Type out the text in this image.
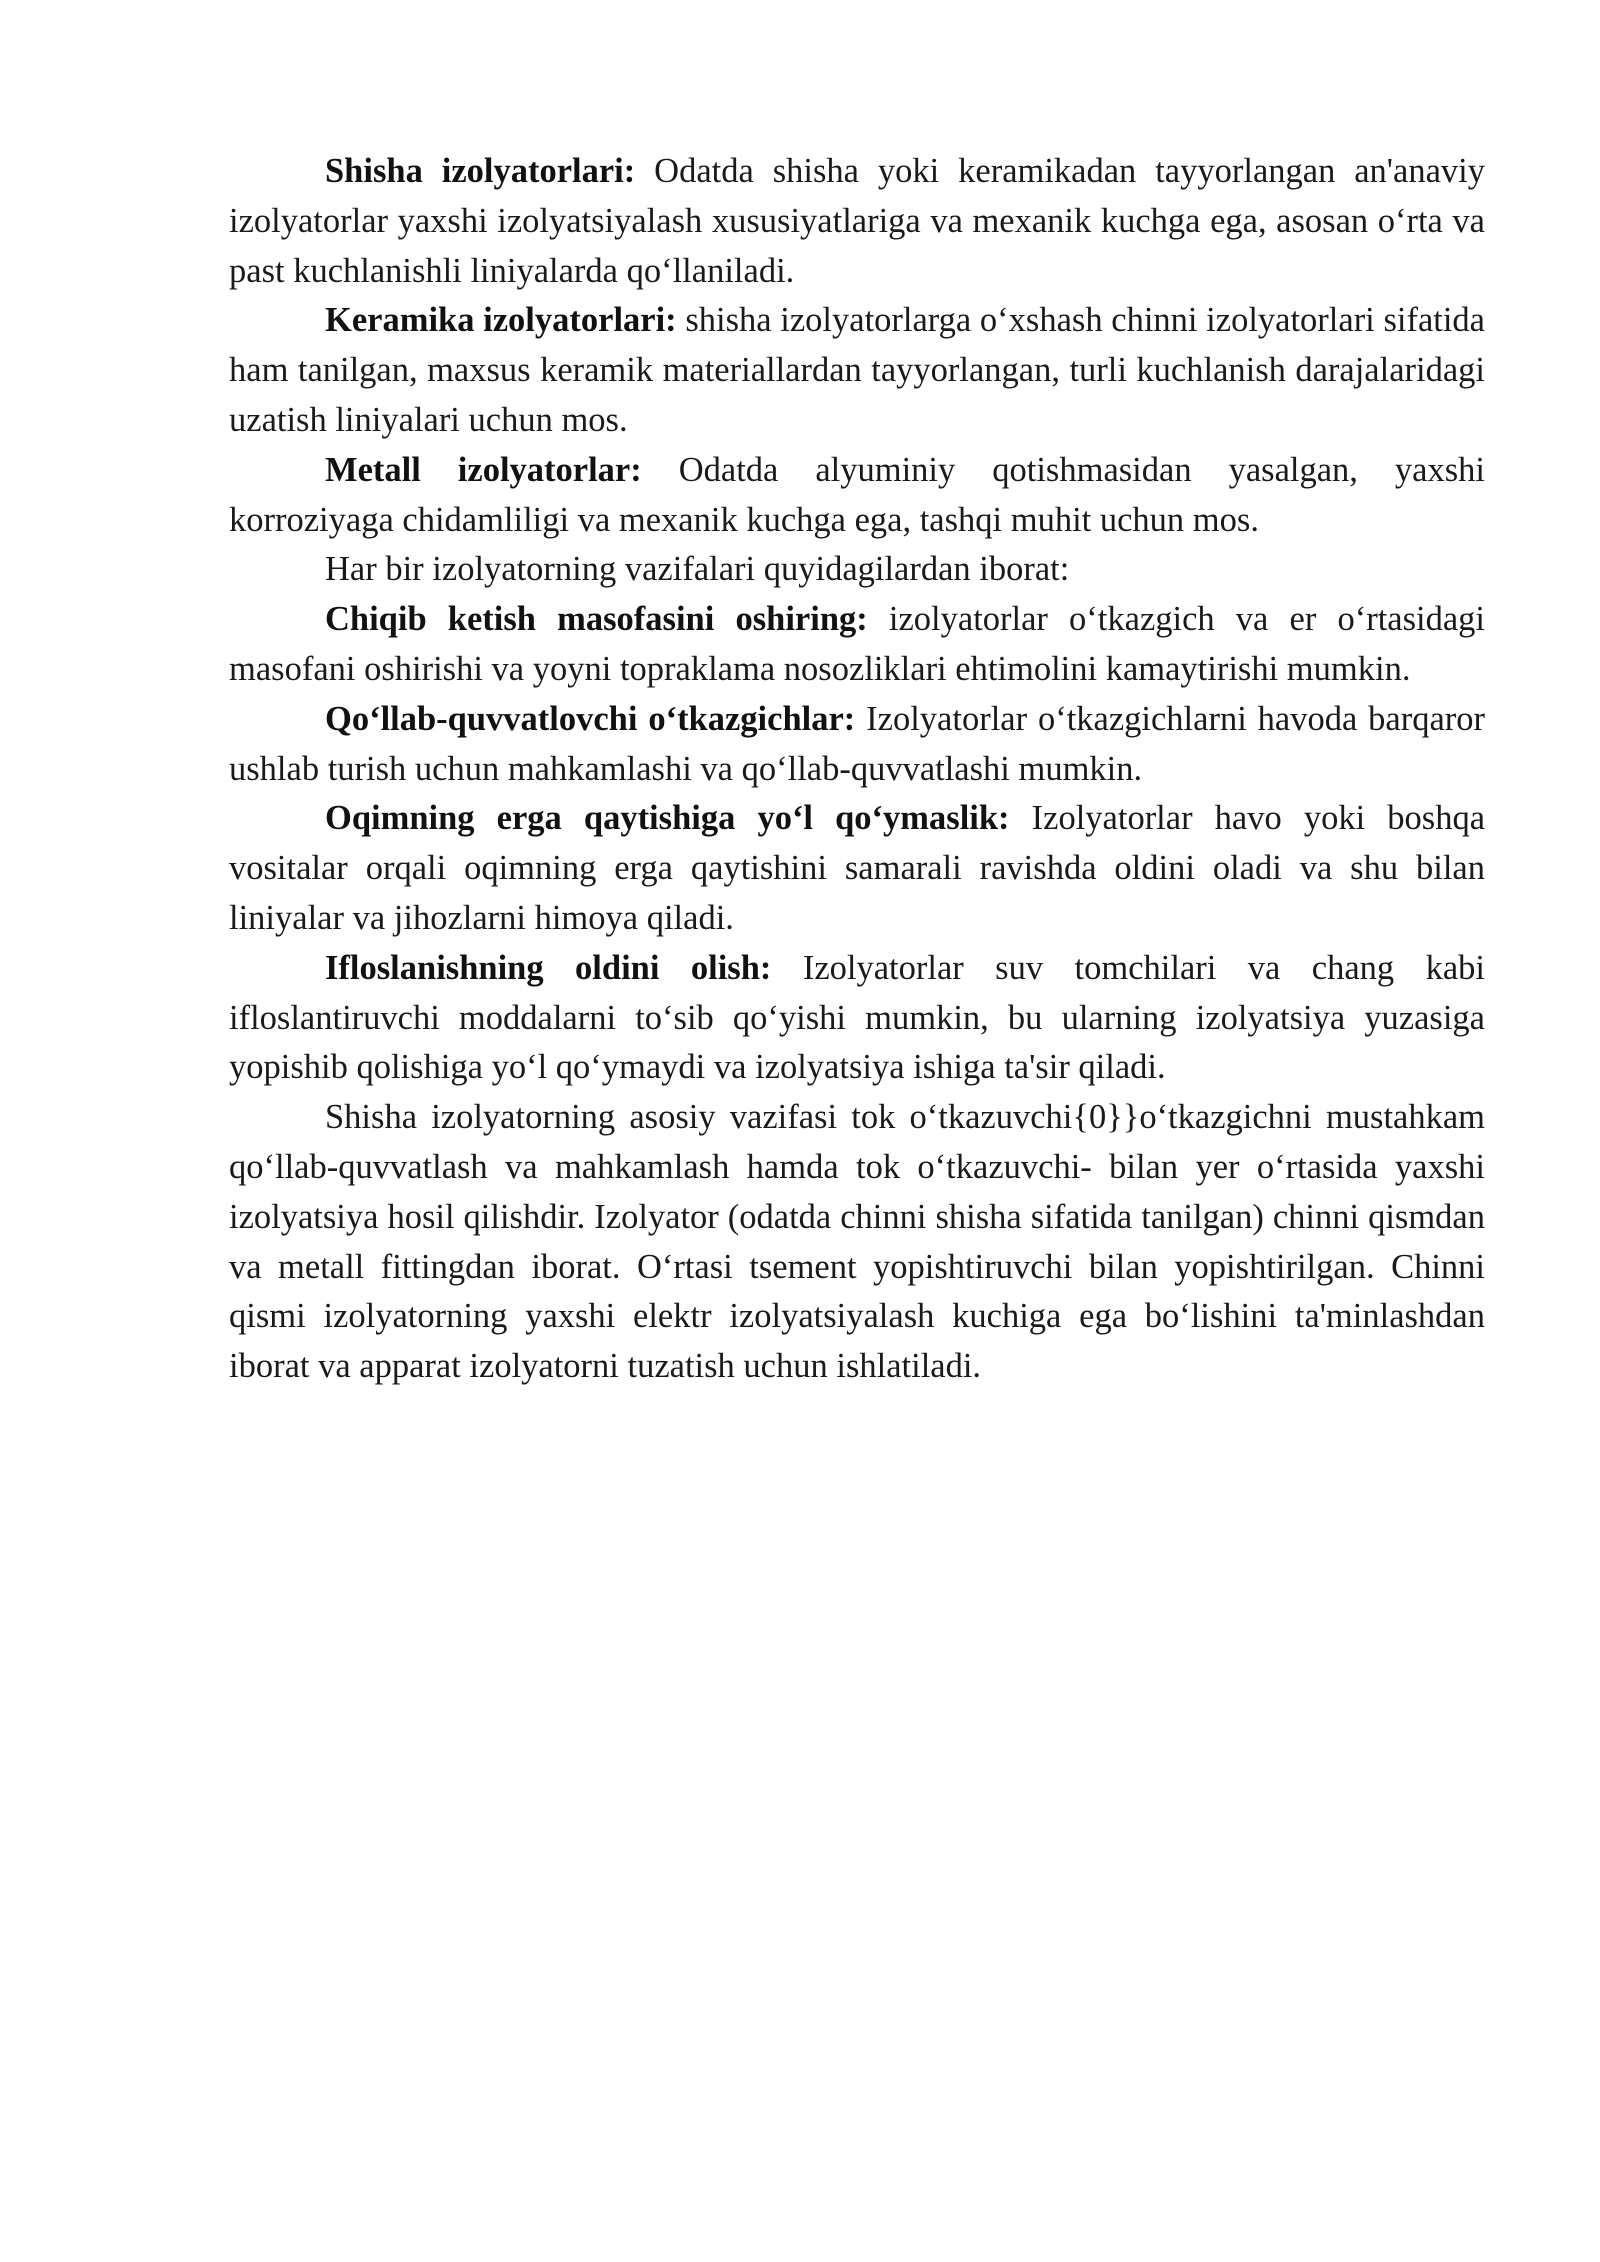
Shisha izolyatorlari: Odatda shisha yoki keramikadan tayyorlangan an'anaviy izolyatorlar yaxshi izolyatsiyalash xususiyatlariga va mexanik kuchga ega, asosan o‘rta va past kuchlanishli liniyalarda qo‘llaniladi.

Keramika izolyatorlari: shisha izolyatorlarga o‘xshash chinni izolyatorlari sifatida ham tanilgan, maxsus keramik materiallardan tayyorlangan, turli kuchlanish darajalaridagi uzatish liniyalari uchun mos.

Metall izolyatorlar: Odatda alyuminiy qotishmasidan yasalgan, yaxshi korroziyaga chidamliligi va mexanik kuchga ega, tashqi muhit uchun mos.

Har bir izolyatorning vazifalari quyidagilardan iborat:

Chiqib ketish masofasini oshiring: izolyatorlar o‘tkazgich va er o‘rtasidagi masofani oshirishi va yoyni topraklama nosozliklari ehtimolini kamaytirishi mumkin.

Qo‘llab-quvvatlovchi o‘tkazgichlar: Izolyatorlar o‘tkazgichlarni havoda barqaror ushlab turish uchun mahkamlashi va qo‘llab-quvvatlashi mumkin.

Oqimning erga qaytishiga yo‘l qo‘ymaslik: Izolyatorlar havo yoki boshqa vositalar orqali oqimning erga qaytishini samarali ravishda oldini oladi va shu bilan liniyalar va jihozlarni himoya qiladi.

Ifloslanishning oldini olish: Izolyatorlar suv tomchilari va chang kabi ifloslantiruvchi moddalarni to‘sib qo‘yishi mumkin, bu ularning izolyatsiya yuzasiga yopishib qolishiga yo‘l qo‘ymaydi va izolyatsiya ishiga ta'sir qiladi.

Shisha izolyatorning asosiy vazifasi tok o‘tkazuvchi{0}}o‘tkazgichni mustahkam qo‘llab-quvvatlash va mahkamlash hamda tok o‘tkazuvchi- bilan yer o‘rtasida yaxshi izolyatsiya hosil qilishdir. Izolyator (odatda chinni shisha sifatida tanilgan) chinni qismdan va metall fittingdan iborat. O‘rtasi tsement yopishtiruvchi bilan yopishtirilgan. Chinni qismi izolyatorning yaxshi elektr izolyatsiyalash kuchiga ega bo‘lishini ta'minlashdan iborat va apparat izolyatorni tuzatish uchun ishlatiladi.
